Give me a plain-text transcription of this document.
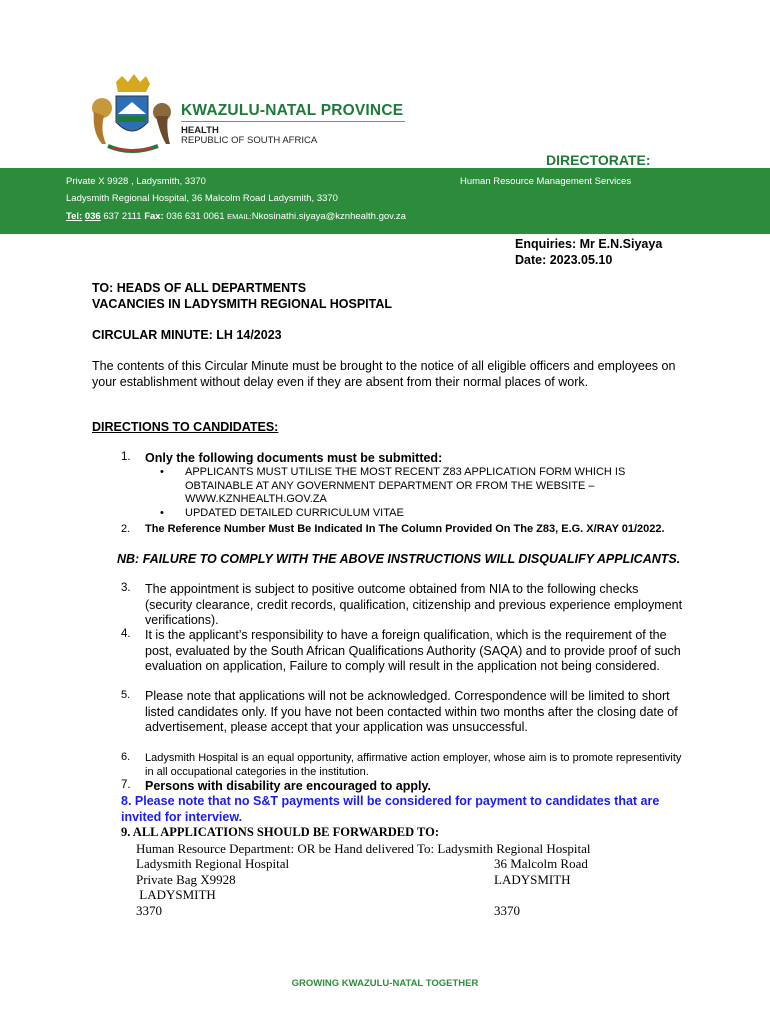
KWAZULU-NATAL PROVINCE
HEALTH
REPUBLIC OF SOUTH AFRICA
DIRECTORATE:
Private X 9928 , Ladysmith, 3370
Ladysmith Regional Hospital, 36 Malcolm Road Ladysmith, 3370
Tel: 036 637 2111 Fax: 036 631 0061 EMAIL:Nkosinathi.siyaya@kznhealth.gov.za
Human Resource Management Services
Enquiries: Mr E.N.Siyaya
Date: 2023.05.10
TO: HEADS OF ALL DEPARTMENTS
VACANCIES IN LADYSMITH REGIONAL HOSPITAL
CIRCULAR MINUTE: LH 14/2023
The contents of this Circular Minute must be brought to the notice of all eligible officers and employees on your establishment without delay even if they are absent from their normal places of work.
DIRECTIONS TO CANDIDATES:
1. Only the following documents must be submitted:
• APPLICANTS MUST UTILISE THE MOST RECENT Z83 APPLICATION FORM WHICH IS OBTAINABLE AT ANY GOVERNMENT DEPARTMENT OR FROM THE WEBSITE – WWW.KZNHEALTH.GOV.ZA
• UPDATED DETAILED CURRICULUM VITAE
2. The Reference Number Must Be Indicated In The Column Provided On The Z83, E.G. X/RAY 01/2022.
NB: FAILURE TO COMPLY WITH THE ABOVE INSTRUCTIONS WILL DISQUALIFY APPLICANTS.
3. The appointment is subject to positive outcome obtained from NIA to the following checks (security clearance, credit records, qualification, citizenship and previous experience employment verifications).
4. It is the applicant’s responsibility to have a foreign qualification, which is the requirement of the post, evaluated by the South African Qualifications Authority (SAQA) and to provide proof of such evaluation on application, Failure to comply will result in the application not being considered.
5. Please note that applications will not be acknowledged. Correspondence will be limited to short listed candidates only. If you have not been contacted within two months after the closing date of advertisement, please accept that your application was unsuccessful.
6. Ladysmith Hospital is an equal opportunity, affirmative action employer, whose aim is to promote representivity in all occupational categories in the institution.
7. Persons with disability are encouraged to apply.
8. Please note that no S&T payments will be considered for payment to candidates that are invited for interview.
9. ALL APPLICATIONS SHOULD BE FORWARDED TO:
Human Resource Department: OR be Hand delivered To: Ladysmith Regional Hospital
Ladysmith Regional Hospital
Private Bag X9928
LADYSMITH
3370
36 Malcolm Road
LADYSMITH

3370
GROWING KWAZULU-NATAL TOGETHER
